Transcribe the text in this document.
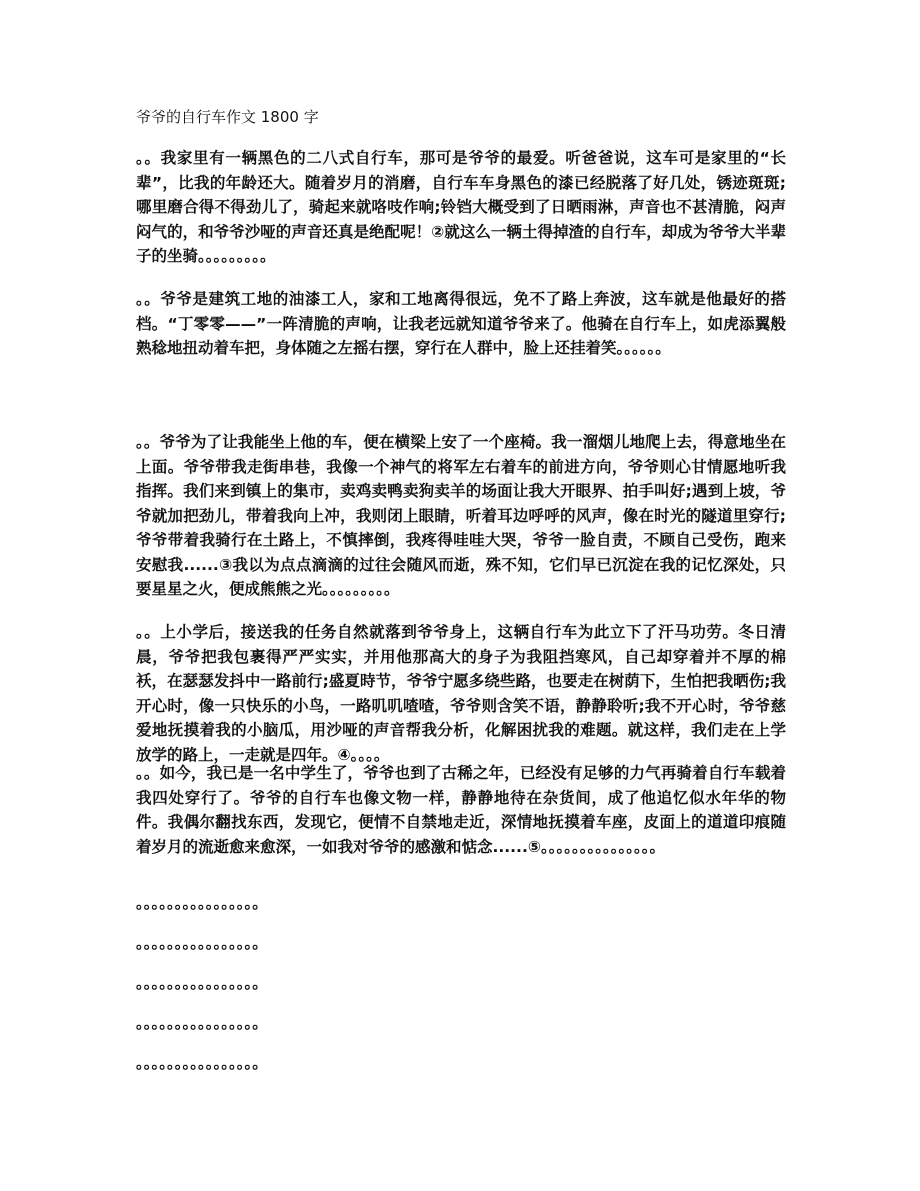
爷爷的自行车作文 1800 字

。。我家里有一辆黑色的二八式自行车，那可是爷爷的最爱。听爸爸说，这车可是家里的“长辈”，比我的年龄还大。随着岁月的消磨，自行车车身黑色的漆已经脱落了好几处，锈迹斑斑;哪里磨合得不得劲儿了，骑起来就咯吱作响;铃铛大概受到了日晒雨淋，声音也不甚清脆，闷声闷气的，和爷爷沙哑的声音还真是绝配呢！②就这么一辆土得掉渣的自行车，却成为爷爷大半辈子的坐骑。。。。。。。。。

。。爷爷是建筑工地的油漆工人，家和工地离得很远，免不了路上奔波，这车就是他最好的搭档。“丁零零——”一阵清脆的声响，让我老远就知道爷爷来了。他骑在自行车上，如虎添翼般熟稔地扭动着车把，身体随之左摇右摆，穿行在人群中，脸上还挂着笑。。。。。。

。。爷爷为了让我能坐上他的车，便在横梁上安了一个座椅。我一溜烟儿地爬上去，得意地坐在上面。爷爷带我走街串巷，我像一个神气的将军左右着车的前进方向，爷爷则心甘情愿地听我指挥。我们来到镇上的集市，卖鸡卖鸭卖狗卖羊的场面让我大开眼界、拍手叫好;遇到上坡，爷爷就加把劲儿，带着我向上冲，我则闭上眼睛，听着耳边呼呼的风声，像在时光的隧道里穿行;爷爷带着我骑行在土路上，不慎摔倒，我疼得哇哇大哭，爷爷一脸自责，不顾自己受伤，跑来安慰我......③我以为点点滴滴的过往会随风而逝，殊不知，它们早已沉淀在我的记忆深处，只要星星之火，便成熊熊之光。。。。。。。。。

。。上小学后，接送我的任务自然就落到爷爷身上，这辆自行车为此立下了汗马功劳。冬日清晨，爷爷把我包裹得严严实实，并用他那高大的身子为我阻挡寒风，自己却穿着并不厚的棉袄，在瑟瑟发抖中一路前行;盛夏時节，爷爷宁愿多绕些路，也要走在树荫下，生怕把我晒伤;我开心时，像一只快乐的小鸟，一路叽叽喳喳，爷爷则含笑不语，静静聆听;我不开心时，爷爷慈爱地抚摸着我的小脑瓜，用沙哑的声音帮我分析，化解困扰我的难题。就这样，我们走在上学放学的路上，一走就是四年。④。。。。

。。如今，我已是一名中学生了，爷爷也到了古稀之年，已经没有足够的力气再骑着自行车载着我四处穿行了。爷爷的自行车也像文物一样，静静地待在杂货间，成了他追忆似水年华的物件。我偶尔翻找东西，发现它，便情不自禁地走近，深情地抚摸着车座，皮面上的道道印痕随着岁月的流逝愈来愈深，一如我对爷爷的感激和惦念......⑤。。。。。。。。。。。。。。。

。。。。。。。。。。。。。。。。
。。。。。。。。。。。。。。。。
。。。。。。。。。。。。。。。。
。。。。。。。。。。。。。。。。
。。。。。。。。。。。。。。。。
